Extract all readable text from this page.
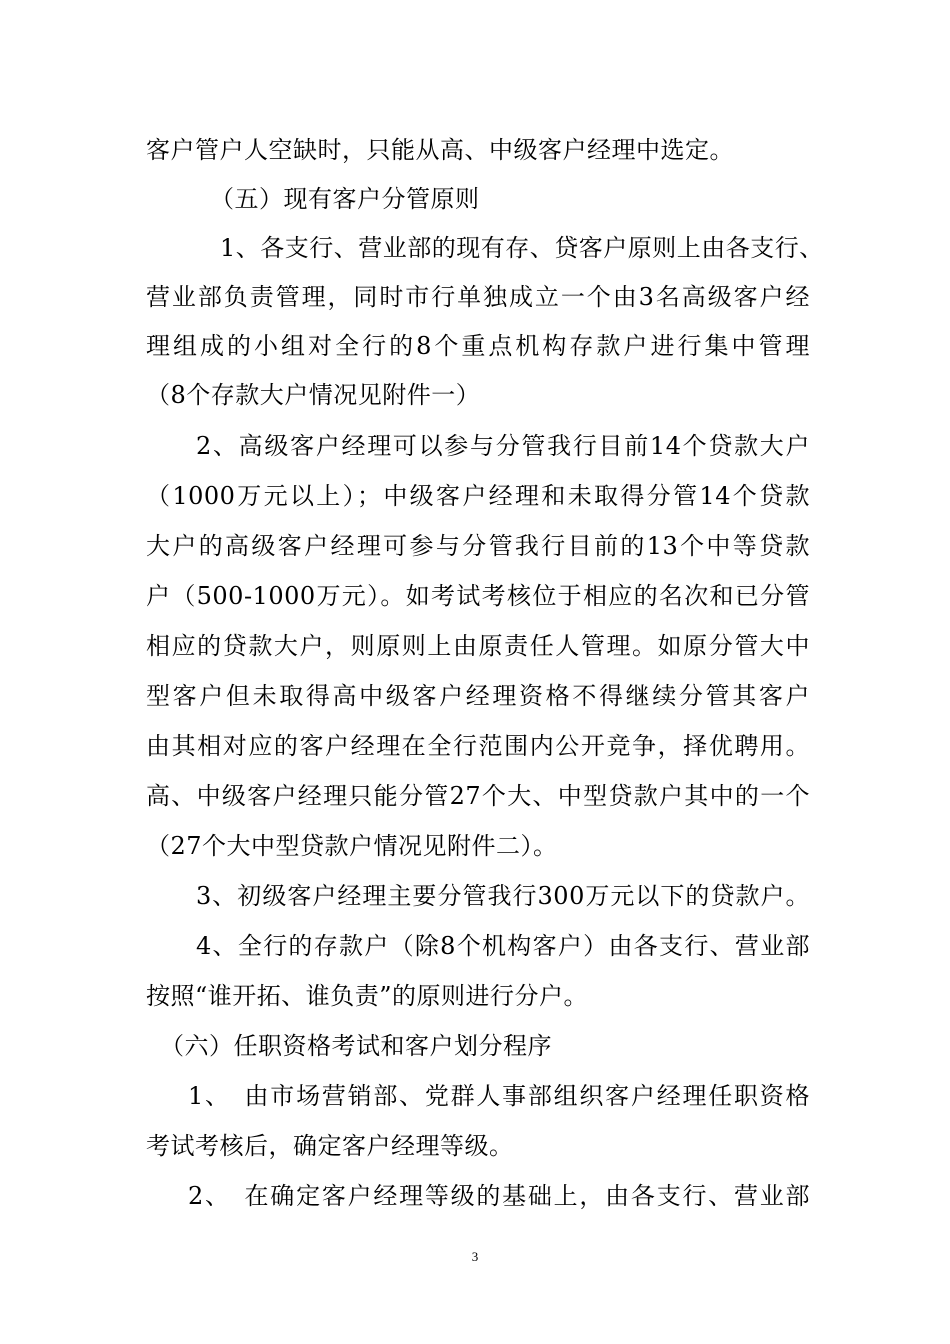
客户管户人空缺时，只能从高、中级客户经理中选定。
（五）现有客户分管原则
1、各支行、营业部的现有存、贷客户原则上由各支行、
营业部负责管理，同时市行单独成立一个由3名高级客户经
理组成的小组对全行的8个重点机构存款户进行集中管理
（8个存款大户情况见附件一）
2、高级客户经理可以参与分管我行目前14个贷款大户
（1000万元以上）；中级客户经理和未取得分管14个贷款
大户的高级客户经理可参与分管我行目前的13个中等贷款
户（500-1000万元）。如考试考核位于相应的名次和已分管
相应的贷款大户，则原则上由原责任人管理。如原分管大中
型客户但未取得高中级客户经理资格不得继续分管其客户
由其相对应的客户经理在全行范围内公开竞争，择优聘用。
高、中级客户经理只能分管27个大、中型贷款户其中的一个
（27个大中型贷款户情况见附件二）。
3、初级客户经理主要分管我行300万元以下的贷款户。
4、全行的存款户（除8个机构客户）由各支行、营业部
按照“谁开拓、谁负责”的原则进行分户。
（六）任职资格考试和客户划分程序
1、　由市场营销部、党群人事部组织客户经理任职资格
考试考核后，确定客户经理等级。
2、　在确定客户经理等级的基础上，由各支行、营业部
3
